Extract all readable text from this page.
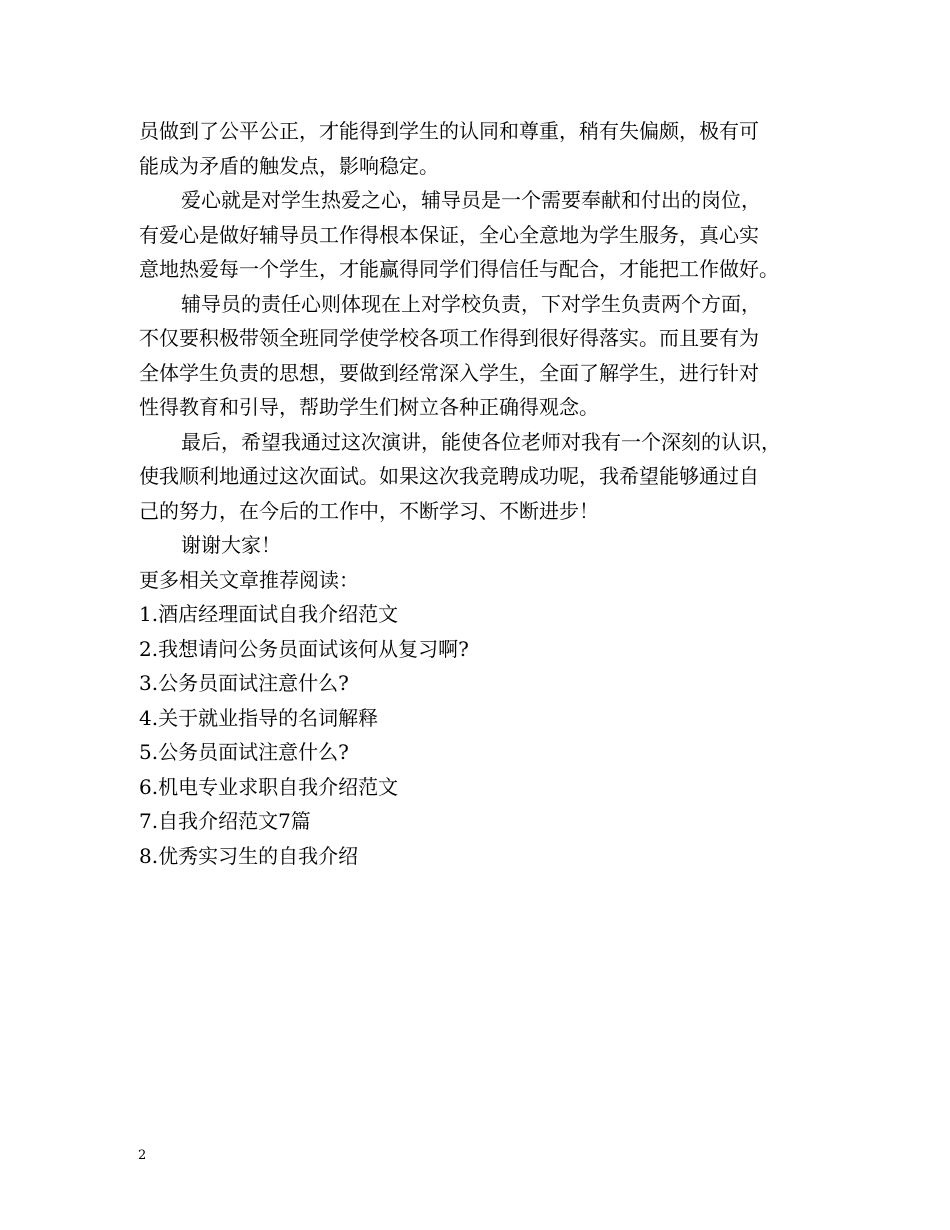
员做到了公平公正，才能得到学生的认同和尊重，稍有失偏颇，极有可
能成为矛盾的触发点，影响稳定。
爱心就是对学生热爱之心，辅导员是一个需要奉献和付出的岗位，
有爱心是做好辅导员工作得根本保证，全心全意地为学生服务，真心实
意地热爱每一个学生，才能赢得同学们得信任与配合，才能把工作做好。
辅导员的责任心则体现在上对学校负责，下对学生负责两个方面，
不仅要积极带领全班同学使学校各项工作得到很好得落实。而且要有为
全体学生负责的思想，要做到经常深入学生，全面了解学生，进行针对
性得教育和引导，帮助学生们树立各种正确得观念。
最后，希望我通过这次演讲，能使各位老师对我有一个深刻的认识，
使我顺利地通过这次面试。如果这次我竞聘成功呢，我希望能够通过自
己的努力，在今后的工作中，不断学习、不断进步！
谢谢大家！
更多相关文章推荐阅读：
1.酒店经理面试自我介绍范文
2.我想请问公务员面试该何从复习啊?
3.公务员面试注意什么?
4.关于就业指导的名词解释
5.公务员面试注意什么?
6.机电专业求职自我介绍范文
7.自我介绍范文7篇
8.优秀实习生的自我介绍
2
